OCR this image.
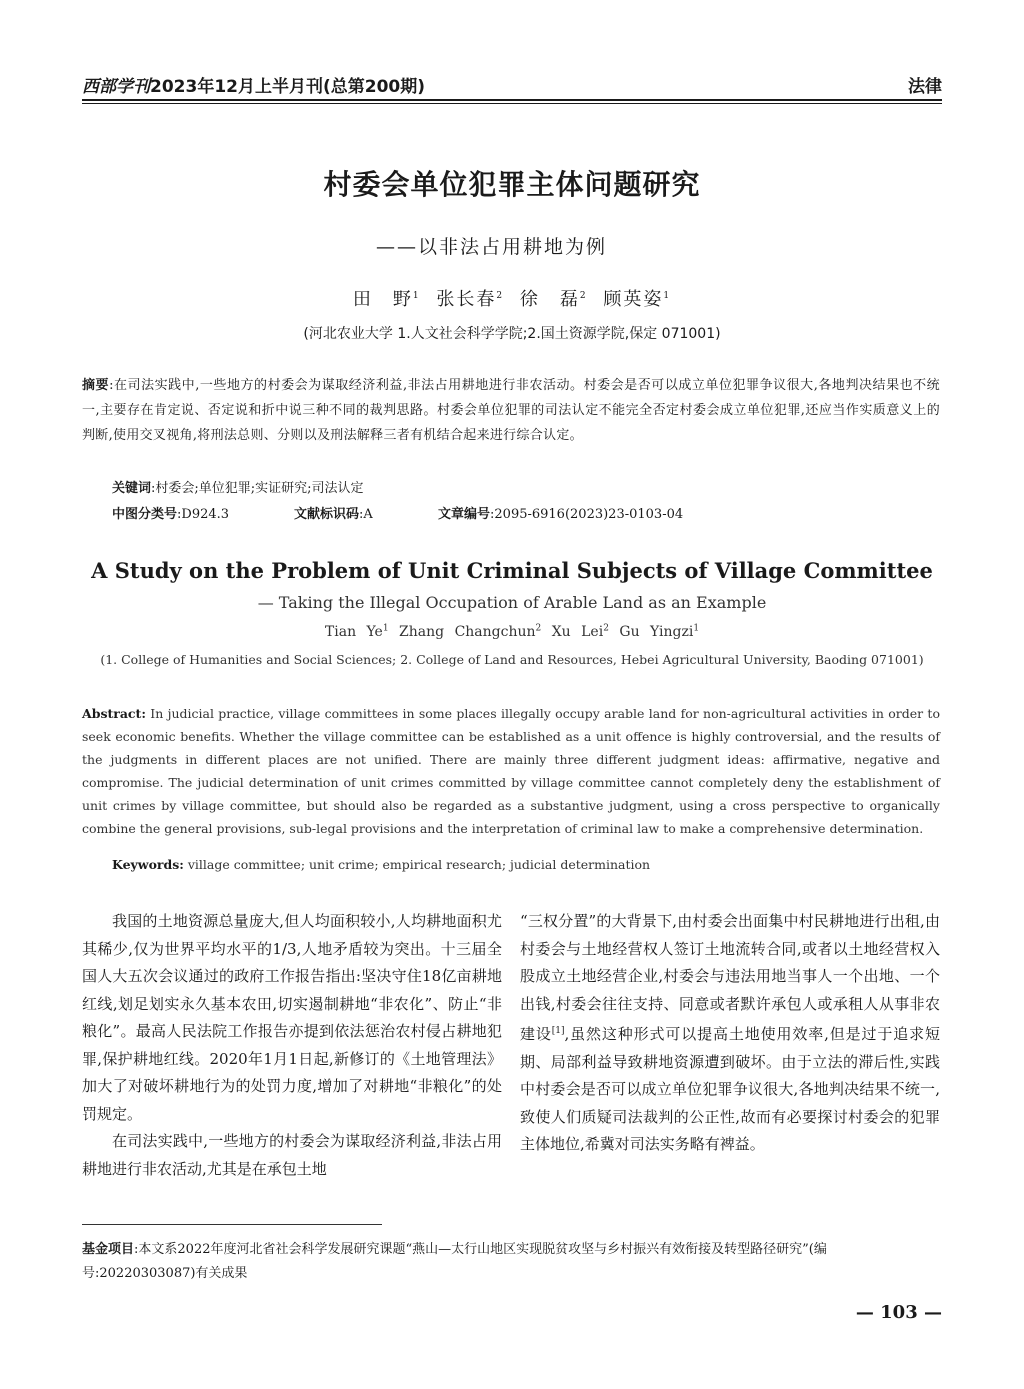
西部学刊2023年12月上半月刊(总第200期)	法律
村委会单位犯罪主体问题研究
——以非法占用耕地为例
田　野$^1$ 张长春$^2$ 徐　磊$^2$ 顾英姿$^1$
(河北农业大学 1.人文社会科学学院;2.国土资源学院,保定 071001)
摘要:在司法实践中,一些地方的村委会为谋取经济利益,非法占用耕地进行非农活动。村委会是否可以成立单位犯罪争议很大,各地判决结果也不统一,主要存在肯定说、否定说和折中说三种不同的裁判思路。村委会单位犯罪的司法认定不能完全否定村委会成立单位犯罪,还应当作实质意义上的判断,使用交叉视角,将刑法总则、分则以及刑法解释三者有机结合起来进行综合认定。
关键词:村委会;单位犯罪;实证研究;司法认定
中图分类号:D924.3	文献标识码:A	文章编号:2095-6916(2023)23-0103-04
A Study on the Problem of Unit Criminal Subjects of Village Committee
— Taking the Illegal Occupation of Arable Land as an Example
Tian Ye$^1$ Zhang Changchun$^2$ Xu Lei$^2$ Gu Yingzi$^1$
(1. College of Humanities and Social Sciences; 2. College of Land and Resources, Hebei Agricultural University, Baoding 071001)
Abstract: In judicial practice, village committees in some places illegally occupy arable land for non-agricultural activities in order to seek economic benefits. Whether the village committee can be established as a unit offence is highly controversial, and the results of the judgments in different places are not unified. There are mainly three different judgment ideas: affirmative, negative and compromise. The judicial determination of unit crimes committed by village committee cannot completely deny the establishment of unit crimes by village committee, but should also be regarded as a substantive judgment, using a cross perspective to organically combine the general provisions, sub-legal provisions and the interpretation of criminal law to make a comprehensive determination.
Keywords: village committee; unit crime; empirical research; judicial determination

我国的土地资源总量庞大,但人均面积较小,人均耕地面积尤其稀少,仅为世界平均水平的1/3,人地矛盾较为突出。十三届全国人大五次会议通过的政府工作报告指出:坚决守住18亿亩耕地红线,划足划实永久基本农田,切实遏制耕地“非农化”、防止“非粮化”。最高人民法院工作报告亦提到依法惩治农村侵占耕地犯罪,保护耕地红线。2020年1月1日起,新修订的《土地管理法》加大了对破坏耕地行为的处罚力度,增加了对耕地“非粮化”的处罚规定。

在司法实践中,一些地方的村委会为谋取经济利益,非法占用耕地进行非农活动,尤其是在承包土地

“三权分置”的大背景下,由村委会出面集中村民耕地进行出租,由村委会与土地经营权人签订土地流转合同,或者以土地经营权入股成立土地经营企业,村委会与违法用地当事人一个出地、一个出钱,村委会往往支持、同意或者默许承包人或承租人从事非农建设[1],虽然这种形式可以提高土地使用效率,但是过于追求短期、局部利益导致耕地资源遭到破坏。由于立法的滞后性,实践中村委会是否可以成立单位犯罪争议很大,各地判决结果不统一,致使人们质疑司法裁判的公正性,故而有必要探讨村委会的犯罪主体地位,希冀对司法实务略有裨益。

基金项目:本文系2022年度河北省社会科学发展研究课题“燕山—太行山地区实现脱贫攻坚与乡村振兴有效衔接及转型路径研究”(编号:20220303087)有关成果
— 103 —
